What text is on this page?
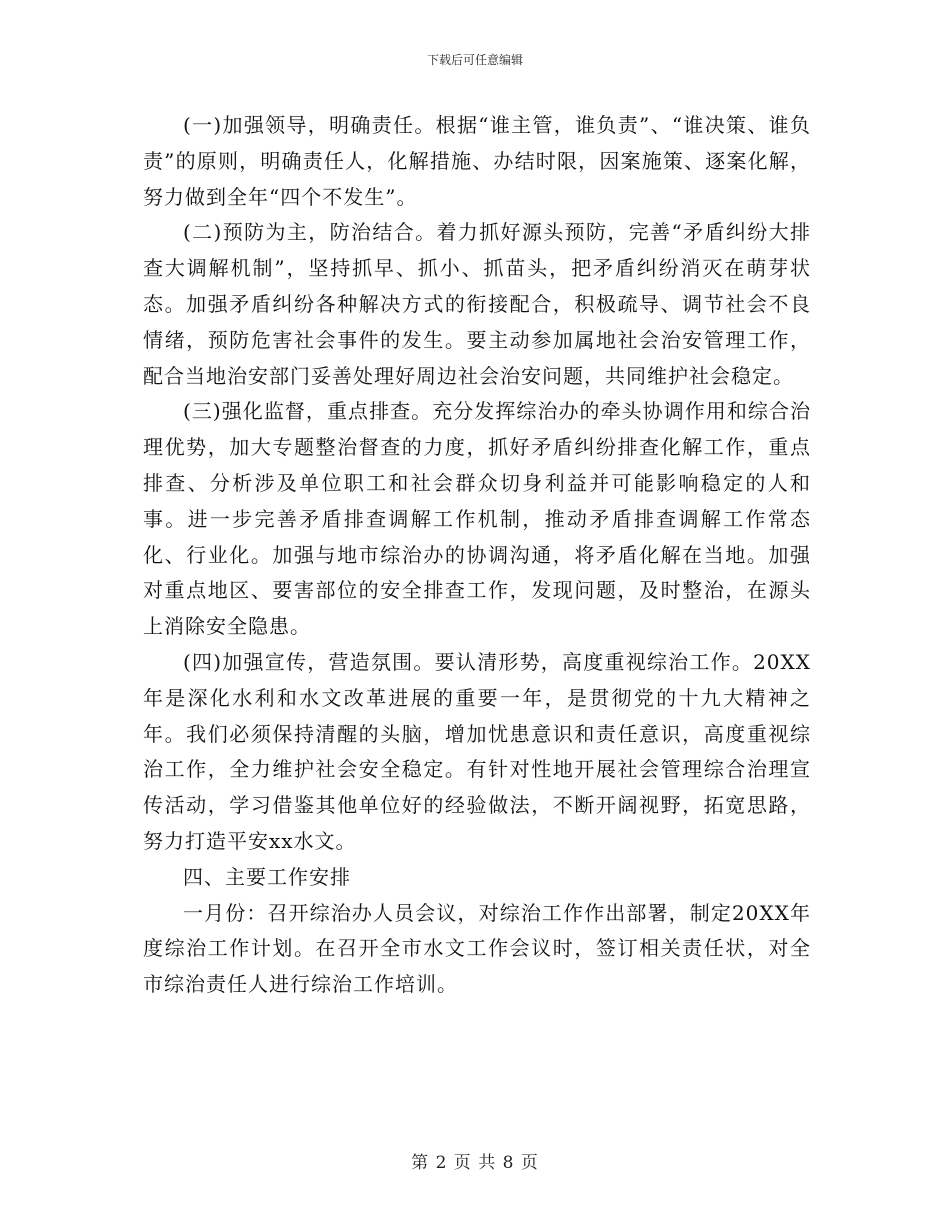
下载后可任意编辑

(一)加强领导，明确责任。根据“谁主管，谁负责”、“谁决策、谁负责”的原则，明确责任人，化解措施、办结时限，因案施策、逐案化解，努力做到全年“四个不发生”。

(二)预防为主，防治结合。着力抓好源头预防，完善“矛盾纠纷大排查大调解机制”，坚持抓早、抓小、抓苗头，把矛盾纠纷消灭在萌芽状态。加强矛盾纠纷各种解决方式的衔接配合，积极疏导、调节社会不良情绪，预防危害社会事件的发生。要主动参加属地社会治安管理工作，配合当地治安部门妥善处理好周边社会治安问题，共同维护社会稳定。

(三)强化监督，重点排查。充分发挥综治办的牵头协调作用和综合治理优势，加大专题整治督查的力度，抓好矛盾纠纷排查化解工作，重点排查、分析涉及单位职工和社会群众切身利益并可能影响稳定的人和事。进一步完善矛盾排查调解工作机制，推动矛盾排查调解工作常态化、行业化。加强与地市综治办的协调沟通，将矛盾化解在当地。加强对重点地区、要害部位的安全排查工作，发现问题，及时整治，在源头上消除安全隐患。

(四)加强宣传，营造氛围。要认清形势，高度重视综治工作。20XX年是深化水利和水文改革进展的重要一年，是贯彻党的十九大精神之年。我们必须保持清醒的头脑，增加忧患意识和责任意识，高度重视综治工作，全力维护社会安全稳定。有针对性地开展社会管理综合治理宣传活动，学习借鉴其他单位好的经验做法，不断开阔视野，拓宽思路，努力打造平安xx水文。

四、主要工作安排

一月份：召开综治办人员会议，对综治工作作出部署，制定20XX年度综治工作计划。在召开全市水文工作会议时，签订相关责任状，对全市综治责任人进行综治工作培训。

第 2 页 共 8 页
